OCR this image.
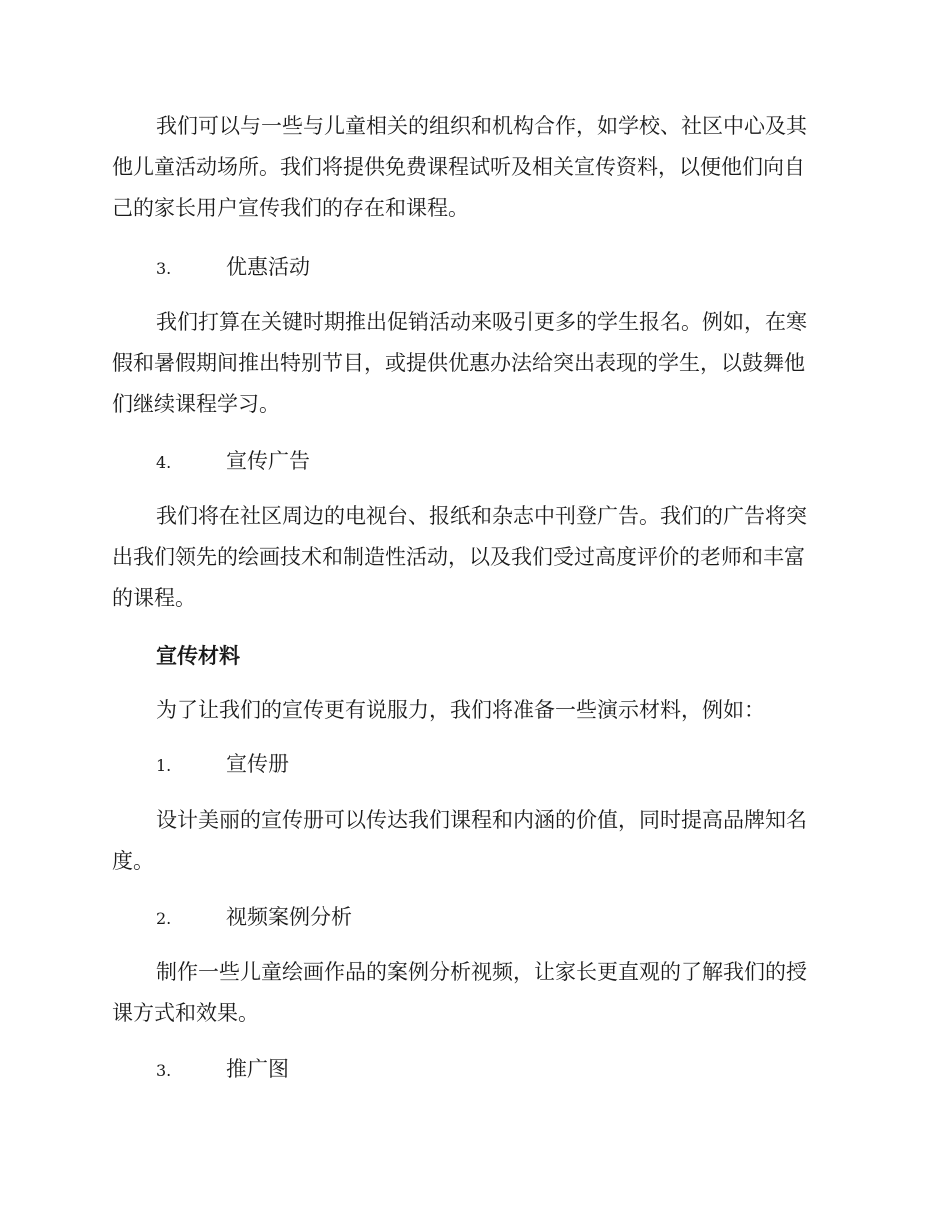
我们可以与一些与儿童相关的组织和机构合作，如学校、社区中心及其
他儿童活动场所。我们将提供免费课程试听及相关宣传资料，以便他们向自
己的家长用户宣传我们的存在和课程。

3.	优惠活动

我们打算在关键时期推出促销活动来吸引更多的学生报名。例如，在寒
假和暑假期间推出特别节目，或提供优惠办法给突出表现的学生，以鼓舞他
们继续课程学习。

4.	宣传广告

我们将在社区周边的电视台、报纸和杂志中刊登广告。我们的广告将突
出我们领先的绘画技术和制造性活动，以及我们受过高度评价的老师和丰富
的课程。

宣传材料

为了让我们的宣传更有说服力，我们将准备一些演示材料，例如：

1.	宣传册

设计美丽的宣传册可以传达我们课程和内涵的价值，同时提高品牌知名
度。

2.	视频案例分析

制作一些儿童绘画作品的案例分析视频，让家长更直观的了解我们的授
课方式和效果。

3.	推广图
